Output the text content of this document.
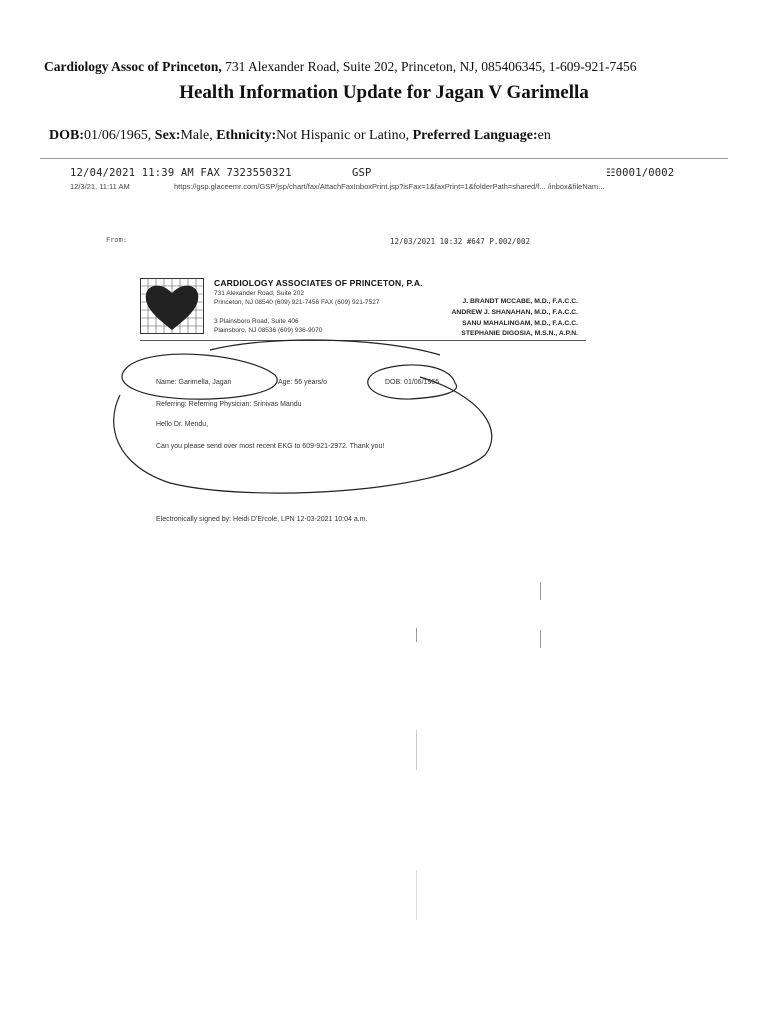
Cardiology Assoc of Princeton, 731 Alexander Road, Suite 202, Princeton, NJ, 085406345, 1-609-921-7456
Health Information Update for Jagan V Garimella
DOB:01/06/1965, Sex:Male, Ethnicity:Not Hispanic or Latino, Preferred Language:en
12/04/2021 11:39 AM FAX 7323550321	GSP	☷0001/0002
12/3/21, 11:11 AM	https://gsp.glaceemr.com/GSP/jsp/chart/fax/AttachFaxInboxPrint.jsp?isFax=1&faxPrint=1&folderPath=shared/f... /inbox&fileNam...
From:	12/03/2021 10:32 #647 P.002/002
CARDIOLOGY ASSOCIATES OF PRINCETON, P.A.
731 Alexander Road, Suite 202
Princeton, NJ 08540 (609) 921-7456 FAX (609) 921-7527
3 Plainsboro Road, Suite 406
Plainsboro, NJ 08536 (609) 936-9070
J. BRANDT MCCABE, M.D., F.A.C.C.
ANDREW J. SHANAHAN, M.D., F.A.C.C.
SANU MAHALINGAM, M.D., F.A.C.C.
STEPHANIE DIGOSIA, M.S.N., A.P.N.
Name: Garimella, Jagan	Age: 56 years/o	DOB: 01/06/1965
Referring: Referring Physician: Srinivas Mandu
Hello Dr. Mendu,
Can you please send over most recent EKG to 609-921-2972. Thank you!
Electronically signed by: Heidi D'Ercole, LPN 12-03-2021 10:04 a.m.
